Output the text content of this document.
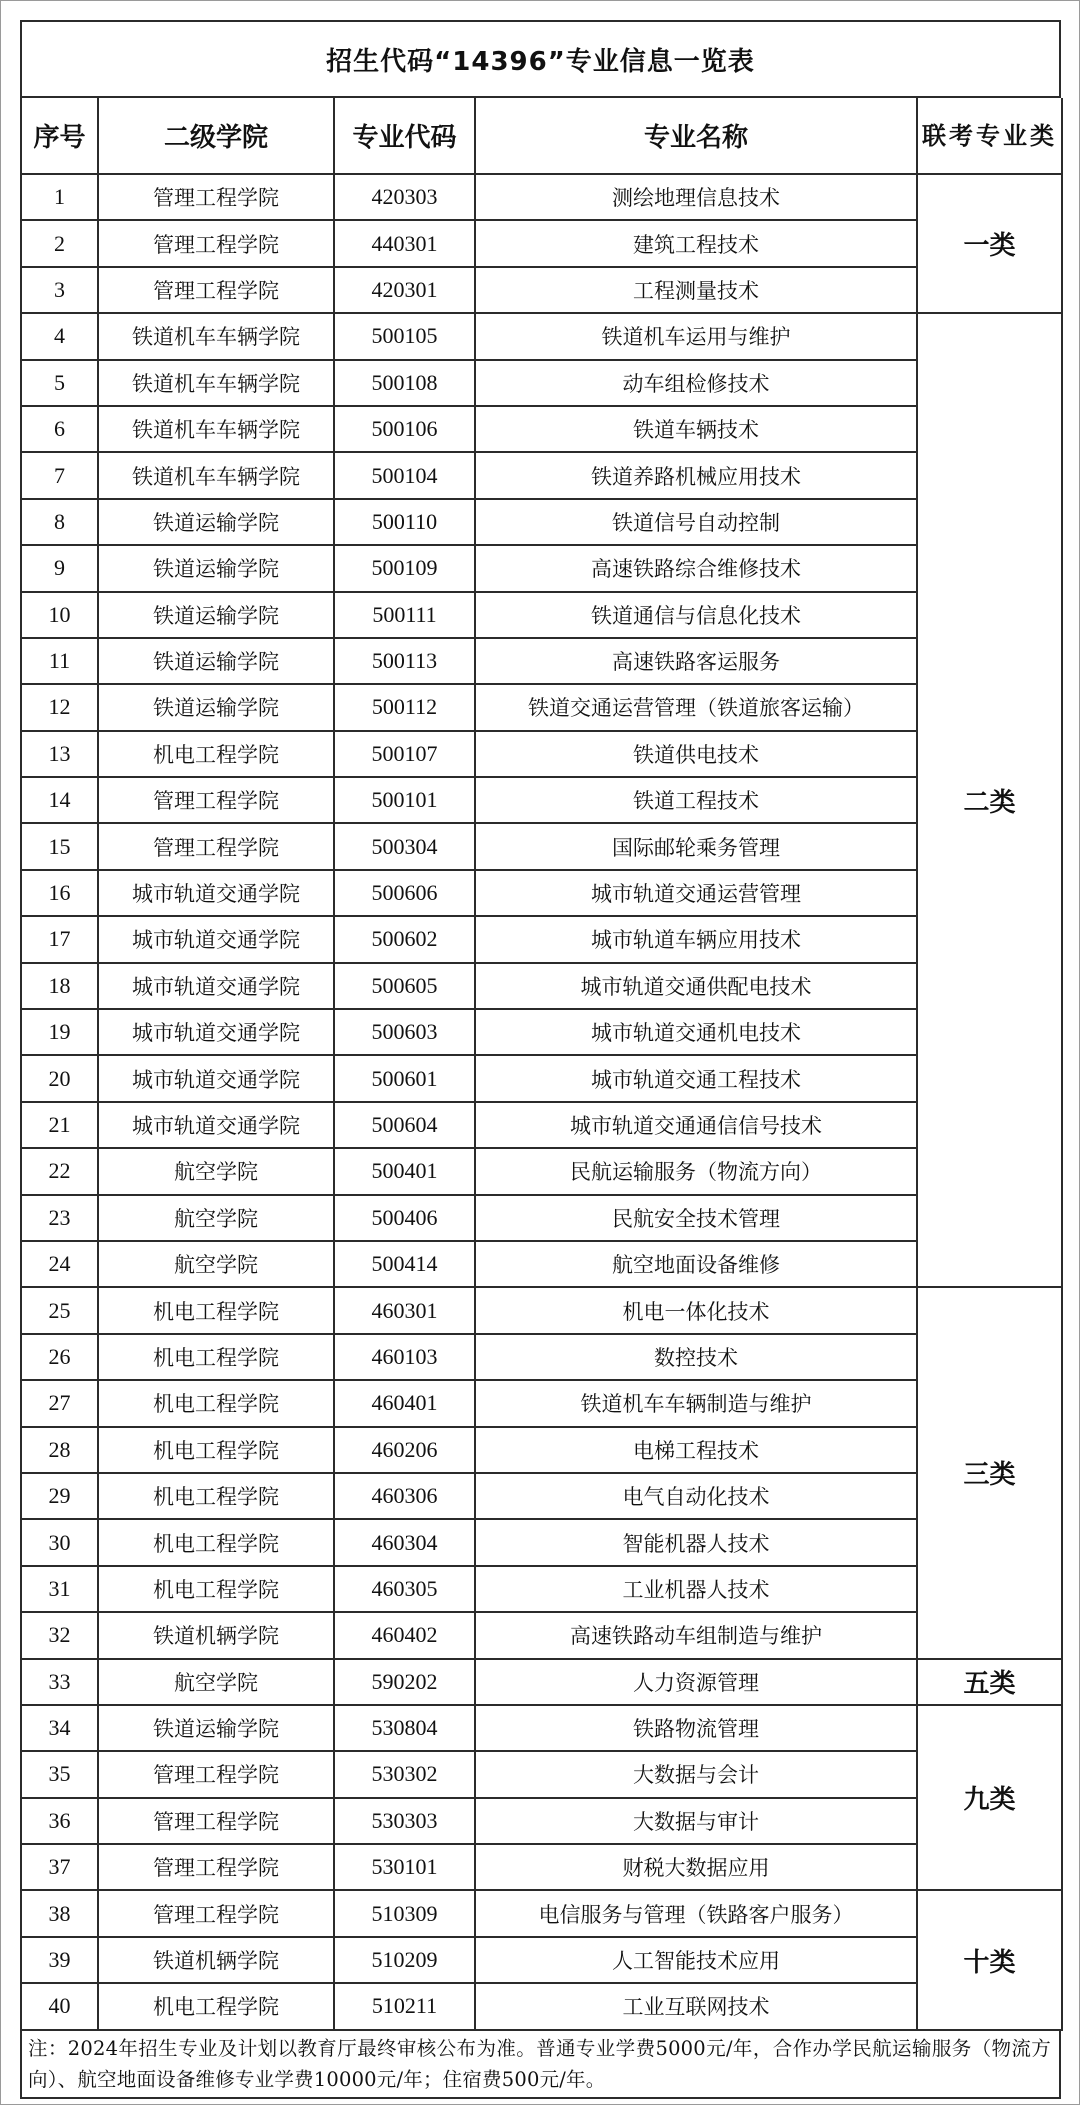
招生代码“14396”专业信息一览表
序号	二级学院	专业代码	专业名称	联考专业类
1	管理工程学院	420303	测绘地理信息技术	一类
2	管理工程学院	440301	建筑工程技术	
3	管理工程学院	420301	工程测量技术	
4	铁道机车车辆学院	500105	铁道机车运用与维护	二类
5	铁道机车车辆学院	500108	动车组检修技术	
6	铁道机车车辆学院	500106	铁道车辆技术	
7	铁道机车车辆学院	500104	铁道养路机械应用技术	
8	铁道运输学院	500110	铁道信号自动控制	
9	铁道运输学院	500109	高速铁路综合维修技术	
10	铁道运输学院	500111	铁道通信与信息化技术	
11	铁道运输学院	500113	高速铁路客运服务	
12	铁道运输学院	500112	铁道交通运营管理（铁道旅客运输）	
13	机电工程学院	500107	铁道供电技术	
14	管理工程学院	500101	铁道工程技术	
15	管理工程学院	500304	国际邮轮乘务管理	
16	城市轨道交通学院	500606	城市轨道交通运营管理	
17	城市轨道交通学院	500602	城市轨道车辆应用技术	
18	城市轨道交通学院	500605	城市轨道交通供配电技术	
19	城市轨道交通学院	500603	城市轨道交通机电技术	
20	城市轨道交通学院	500601	城市轨道交通工程技术	
21	城市轨道交通学院	500604	城市轨道交通通信信号技术	
22	航空学院	500401	民航运输服务（物流方向）	
23	航空学院	500406	民航安全技术管理	
24	航空学院	500414	航空地面设备维修	
25	机电工程学院	460301	机电一体化技术	三类
26	机电工程学院	460103	数控技术	
27	机电工程学院	460401	铁道机车车辆制造与维护	
28	机电工程学院	460206	电梯工程技术	
29	机电工程学院	460306	电气自动化技术	
30	机电工程学院	460304	智能机器人技术	
31	机电工程学院	460305	工业机器人技术	
32	铁道机辆学院	460402	高速铁路动车组制造与维护	
33	航空学院	590202	人力资源管理	五类
34	铁道运输学院	530804	铁路物流管理	九类
35	管理工程学院	530302	大数据与会计	
36	管理工程学院	530303	大数据与审计	
37	管理工程学院	530101	财税大数据应用	
38	管理工程学院	510309	电信服务与管理（铁路客户服务）	十类
39	铁道机辆学院	510209	人工智能技术应用	
40	机电工程学院	510211	工业互联网技术	
注：2024年招生专业及计划以教育厅最终审核公布为准。普通专业学费5000元/年，合作办学民航运输服务（物流方向）、航空地面设备维修专业学费10000元/年；住宿费500元/年。
